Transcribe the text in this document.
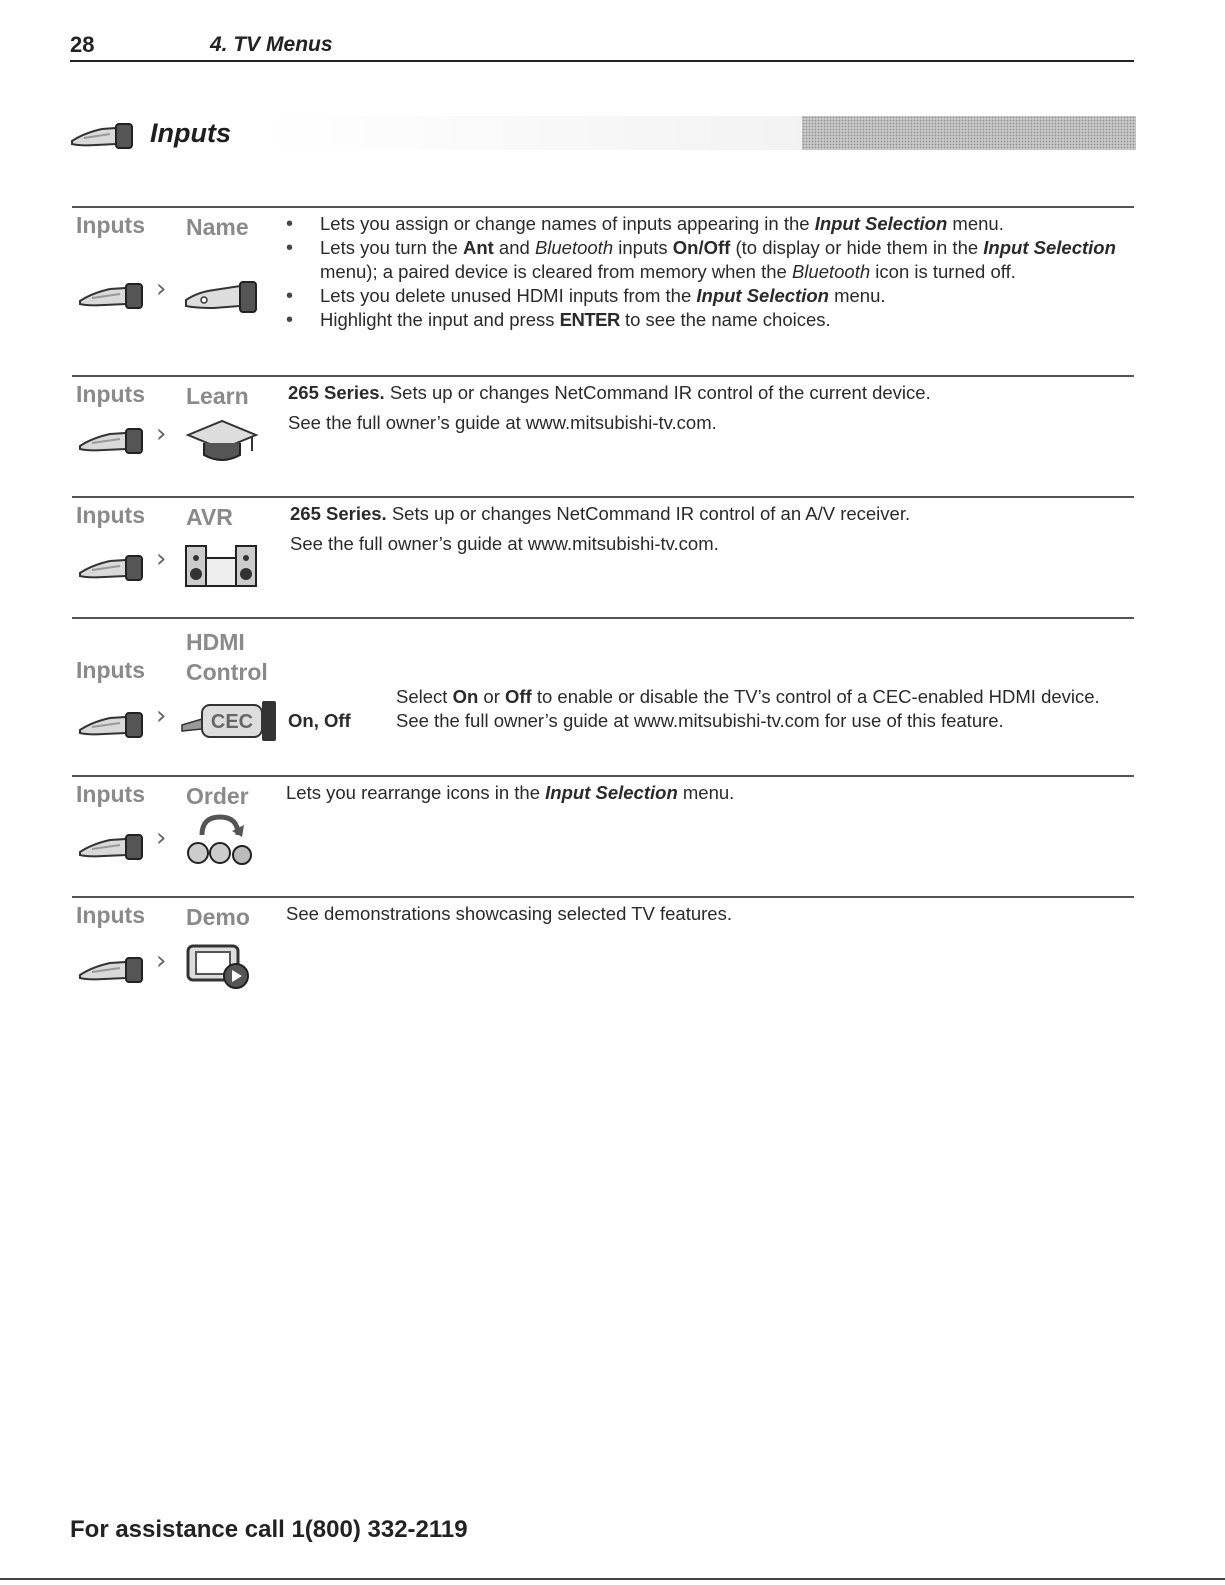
28	4. TV Menus
Inputs
Inputs Name
›
• Lets you assign or change names of inputs appearing in the Input Selection menu.
• Lets you turn the Ant and Bluetooth inputs On/Off (to display or hide them in the Input Selection menu); a paired device is cleared from memory when the Bluetooth icon is turned off.
• Lets you delete unused HDMI inputs from the Input Selection menu.
• Highlight the input and press ENTER to see the name choices.
Inputs Learn
›

265 Series. Sets up or changes NetCommand IR control of the current device.

See the full owner’s guide at www.mitsubishi-tv.com.

Inputs AVR
›

265 Series. Sets up or changes NetCommand IR control of an A/V receiver.

See the full owner’s guide at www.mitsubishi-tv.com.

HDMI
Inputs Control
› CEC On, Off

Select On or Off to enable or disable the TV’s control of a CEC-enabled HDMI device. See the full owner’s guide at www.mitsubishi-tv.com for use of this feature.

Inputs Order
›

Lets you rearrange icons in the Input Selection menu.

Inputs Demo
›

See demonstrations showcasing selected TV features.

For assistance call 1(800) 332-2119
